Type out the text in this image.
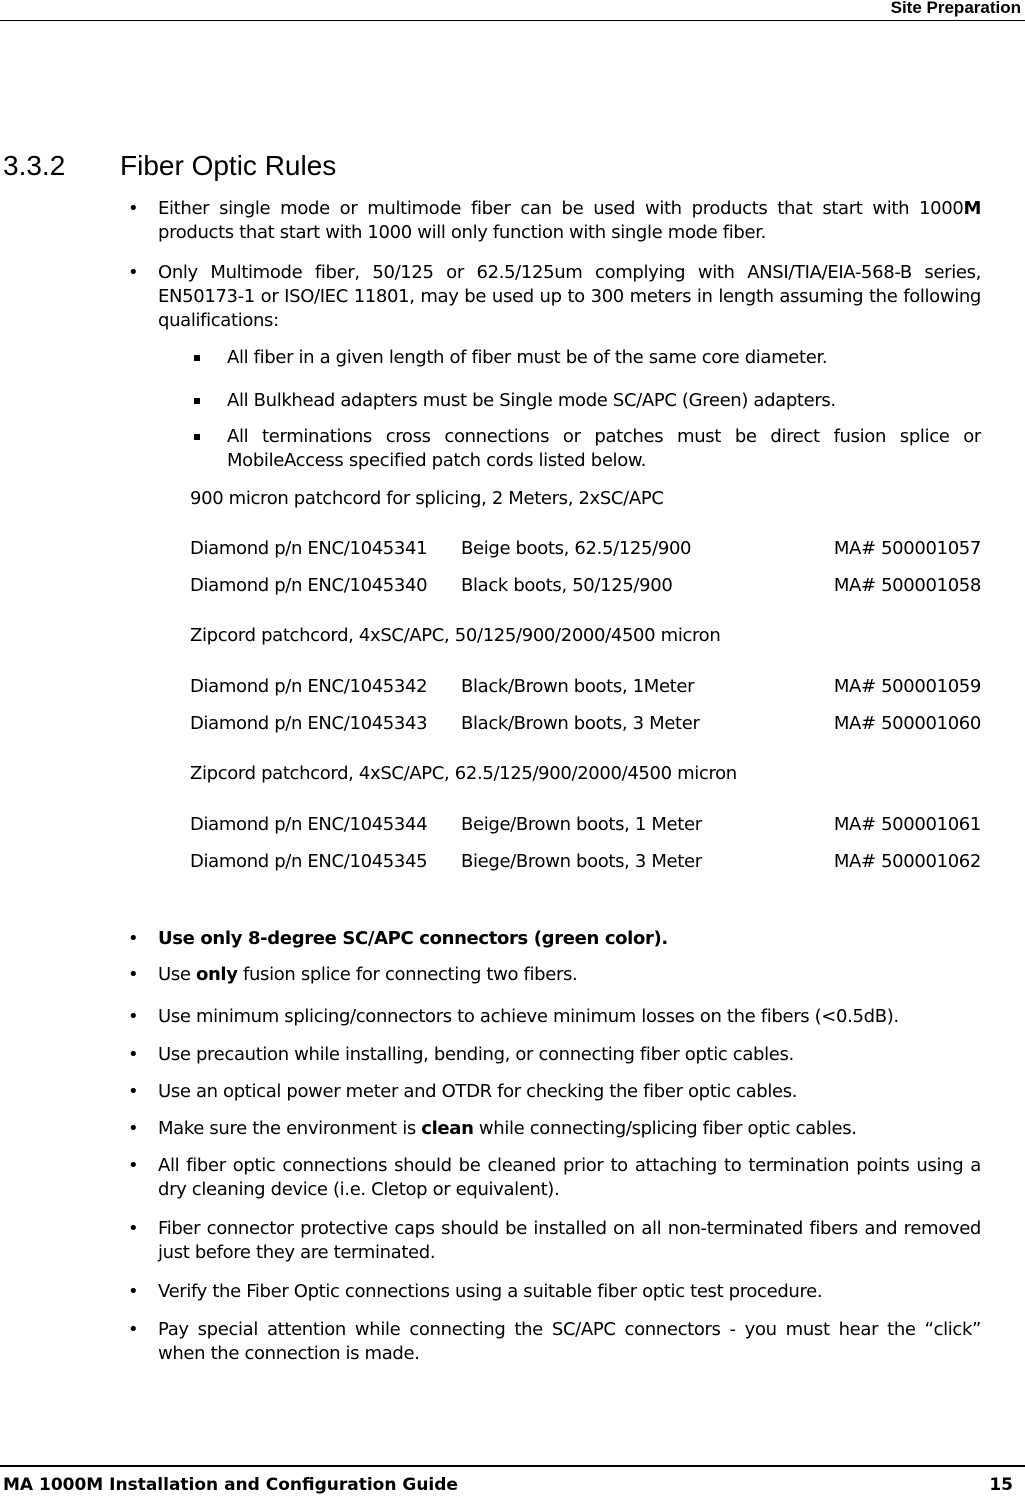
Site Preparation
3.3.2 Fiber Optic Rules
• Either single mode or multimode fiber can be used with products that start with 1000M products that start with 1000 will only function with single mode fiber.
• Only Multimode fiber, 50/125 or 62.5/125um complying with ANSI/TIA/EIA-568-B series, EN50173-1 or ISO/IEC 11801, may be used up to 300 meters in length assuming the following qualifications:
All fiber in a given length of fiber must be of the same core diameter.
All Bulkhead adapters must be Single mode SC/APC (Green) adapters.
All terminations cross connections or patches must be direct fusion splice or MobileAccess specified patch cords listed below.
900 micron patchcord for splicing, 2 Meters, 2xSC/APC
Diamond p/n ENC/1045341 Beige boots, 62.5/125/900	MA# 500001057
Diamond p/n ENC/1045340 Black boots, 50/125/900	MA# 500001058
Zipcord patchcord, 4xSC/APC, 50/125/900/2000/4500 micron
Diamond p/n ENC/1045342 Black/Brown boots, 1Meter	MA# 500001059
Diamond p/n ENC/1045343 Black/Brown boots, 3 Meter	MA# 500001060
Zipcord patchcord, 4xSC/APC, 62.5/125/900/2000/4500 micron
Diamond p/n ENC/1045344 Beige/Brown boots, 1 Meter	MA# 500001061
Diamond p/n ENC/1045345 Biege/Brown boots, 3 Meter	MA# 500001062
• Use only 8-degree SC/APC connectors (green color).
• Use only fusion splice for connecting two fibers.
• Use minimum splicing/connectors to achieve minimum losses on the fibers (<0.5dB).
• Use precaution while installing, bending, or connecting fiber optic cables.
• Use an optical power meter and OTDR for checking the fiber optic cables.
• Make sure the environment is clean while connecting/splicing fiber optic cables.
• All fiber optic connections should be cleaned prior to attaching to termination points using a dry cleaning device (i.e. Cletop or equivalent).
• Fiber connector protective caps should be installed on all non-terminated fibers and removed just before they are terminated.
• Verify the Fiber Optic connections using a suitable fiber optic test procedure.
• Pay special attention while connecting the SC/APC connectors - you must hear the “click” when the connection is made.
MA 1000M Installation and Configuration Guide	15
